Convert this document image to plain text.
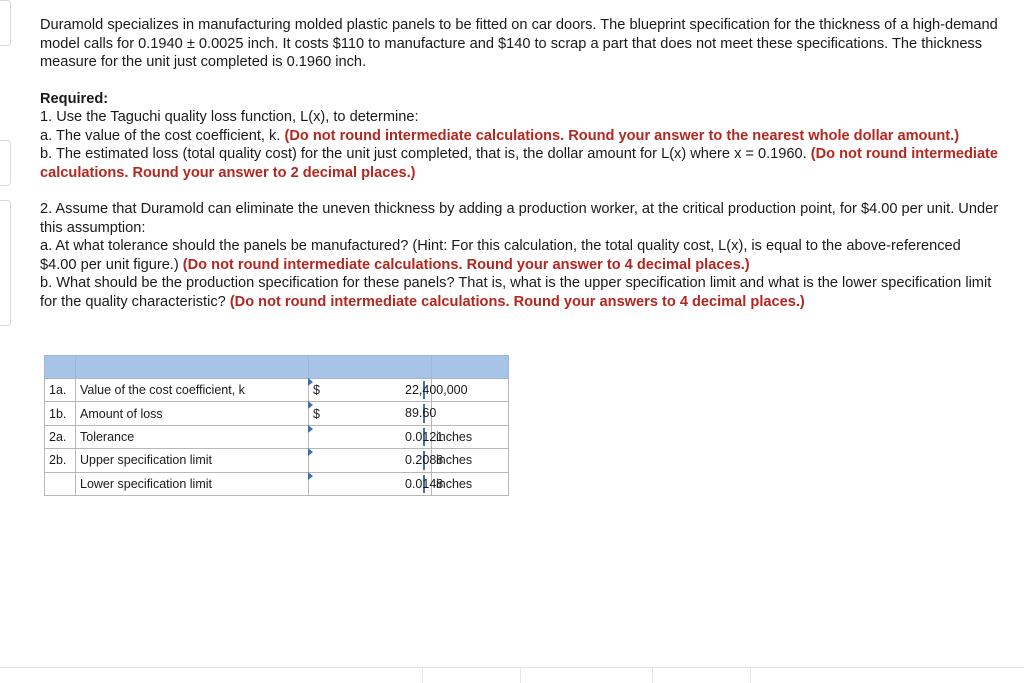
Duramold specializes in manufacturing molded plastic panels to be fitted on car doors. The blueprint specification for the thickness of a high-demand model calls for 0.1940 ± 0.0025 inch. It costs $110 to manufacture and $140 to scrap a part that does not meet these specifications. The thickness measure for the unit just completed is 0.1960 inch.

Required:

1. Use the Taguchi quality loss function, L(x), to determine:

a. The value of the cost coefficient, k. (Do not round intermediate calculations. Round your answer to the nearest whole dollar amount.)

b. The estimated loss (total quality cost) for the unit just completed, that is, the dollar amount for L(x) where x = 0.1960. (Do not round intermediate calculations. Round your answer to 2 decimal places.)

2. Assume that Duramold can eliminate the uneven thickness by adding a production worker, at the critical production point, for $4.00 per unit. Under this assumption:

a. At what tolerance should the panels be manufactured? (Hint: For this calculation, the total quality cost, L(x), is equal to the above-referenced $4.00 per unit figure.) (Do not round intermediate calculations. Round your answer to 4 decimal places.)

b. What should be the production specification for these panels? That is, what is the upper specification limit and what is the lower specification limit for the quality characteristic? (Do not round intermediate calculations. Round your answers to 4 decimal places.)

1a.	Value of the cost coefficient, k	$ 22,400,000	

1b.	Amount of loss	$ 89.60	

2a.	Tolerance	0.0121	inches
2b.	Upper specification limit	0.2088	inches
	Lower specification limit	0.0148	inches
